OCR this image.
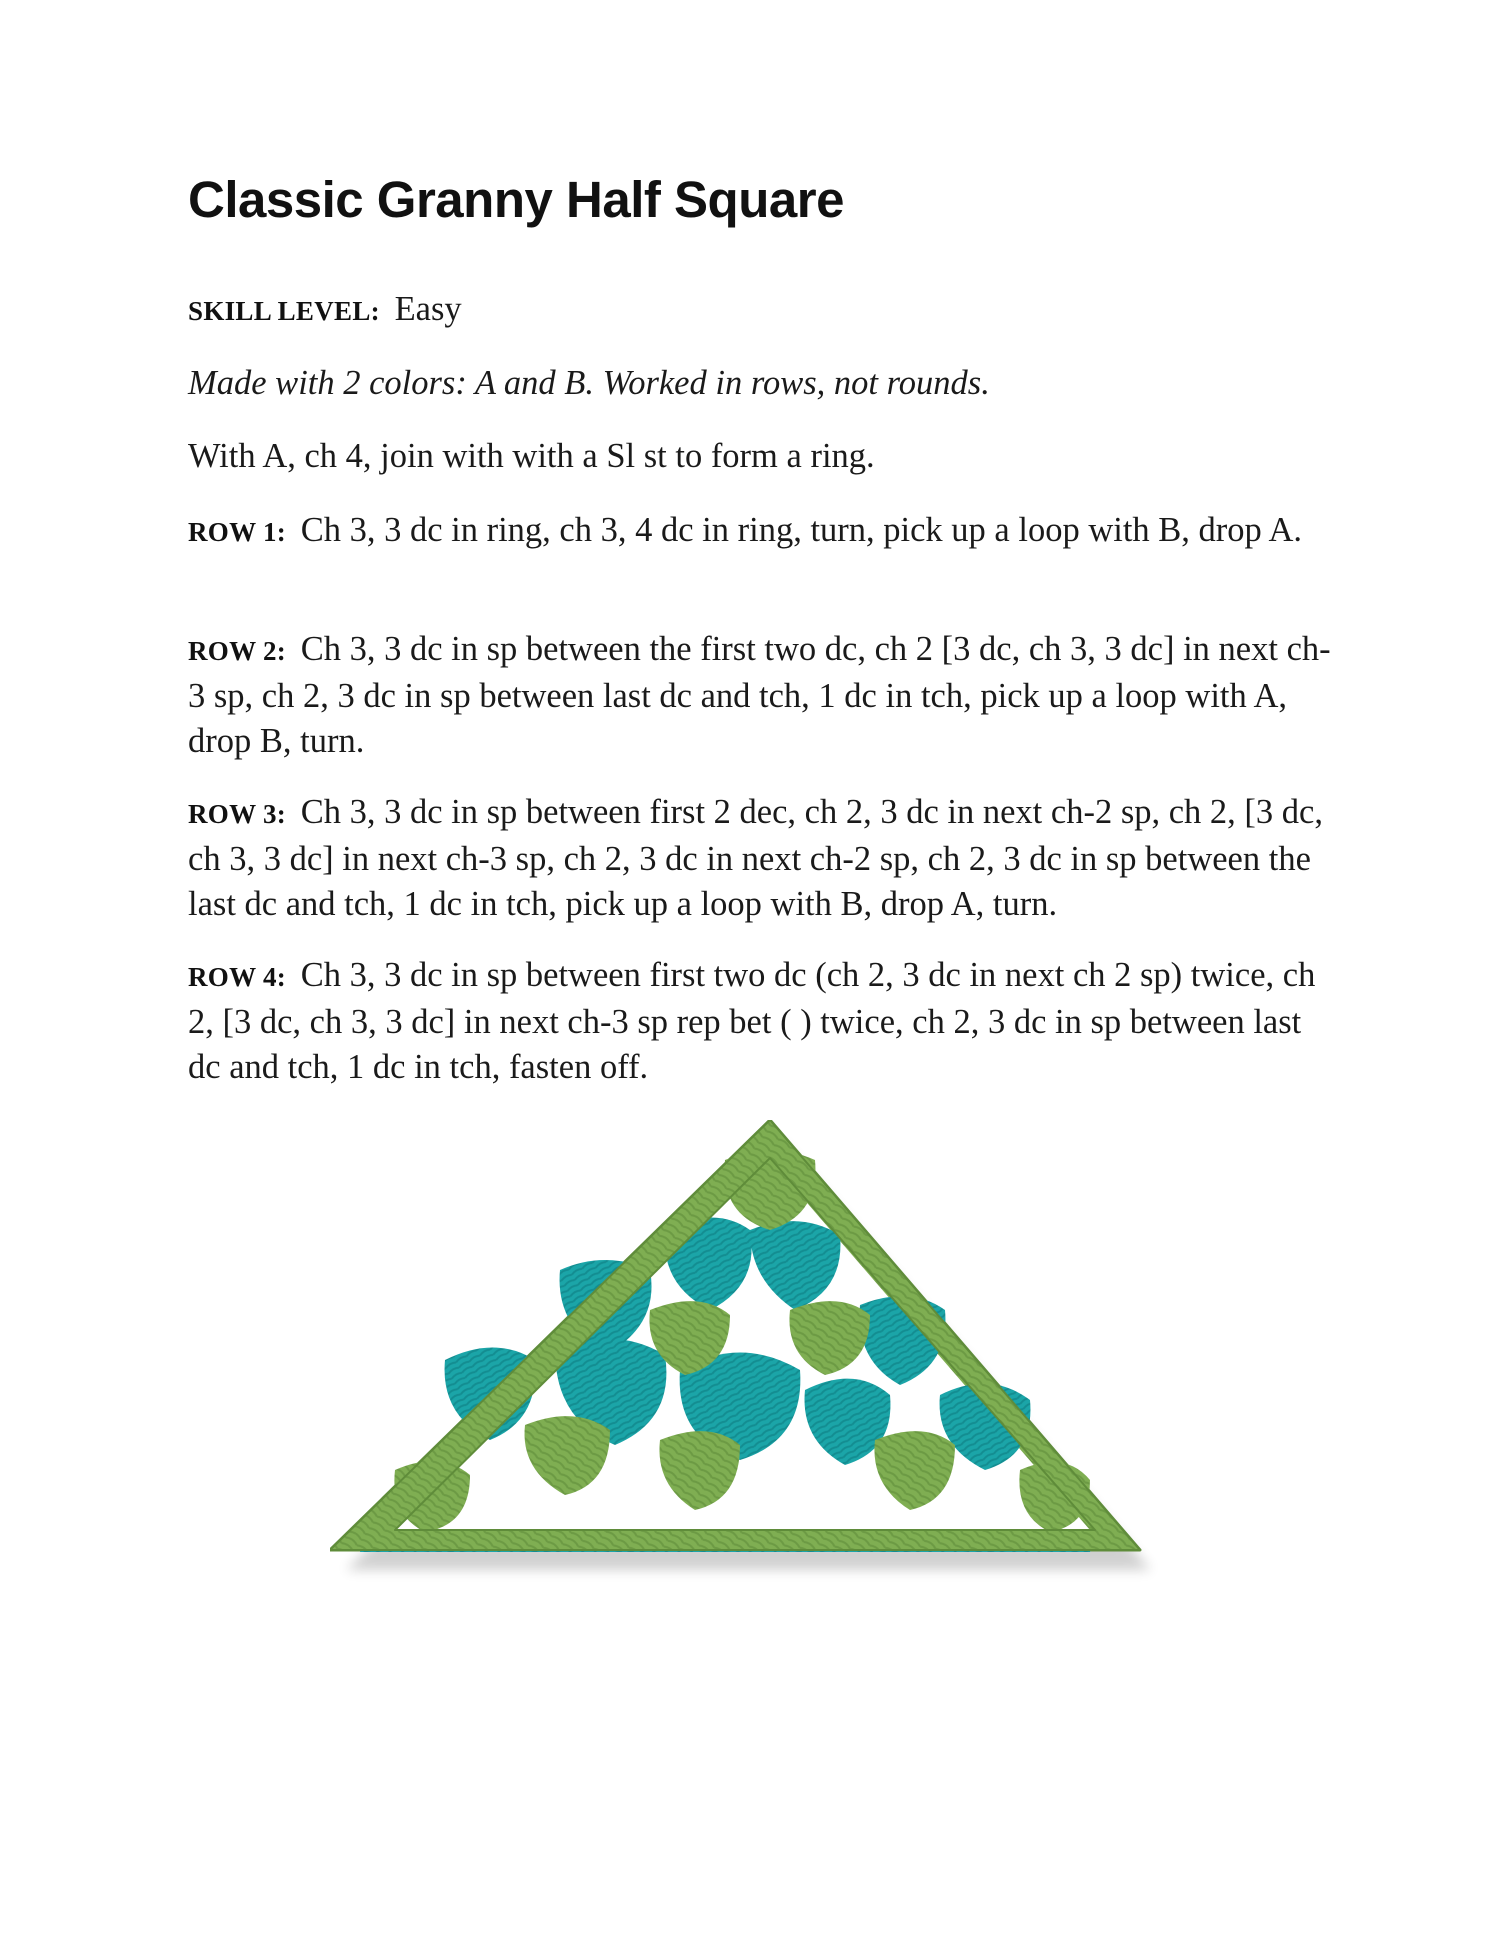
Classic Granny Half Square

SKILL LEVEL: Easy

Made with 2 colors: A and B. Worked in rows, not rounds.

With A, ch 4, join with with a Sl st to form a ring.

ROW 1: Ch 3, 3 dc in ring, ch 3, 4 dc in ring, turn, pick up a loop with B, drop A.

ROW 2: Ch 3, 3 dc in sp between the first two dc, ch 2 [3 dc, ch 3, 3 dc] in next ch-3 sp, ch 2, 3 dc in sp between last dc and tch, 1 dc in tch, pick up a loop with A, drop B, turn.

ROW 3: Ch 3, 3 dc in sp between first 2 dec, ch 2, 3 dc in next ch-2 sp, ch 2, [3 dc, ch 3, 3 dc] in next ch-3 sp, ch 2, 3 dc in next ch-2 sp, ch 2, 3 dc in sp between the last dc and tch, 1 dc in tch, pick up a loop with B, drop A, turn.

ROW 4: Ch 3, 3 dc in sp between first two dc (ch 2, 3 dc in next ch 2 sp) twice, ch 2, [3 dc, ch 3, 3 dc] in next ch-3 sp rep bet ( ) twice, ch 2, 3 dc in sp between last dc and tch, 1 dc in tch, fasten off.
